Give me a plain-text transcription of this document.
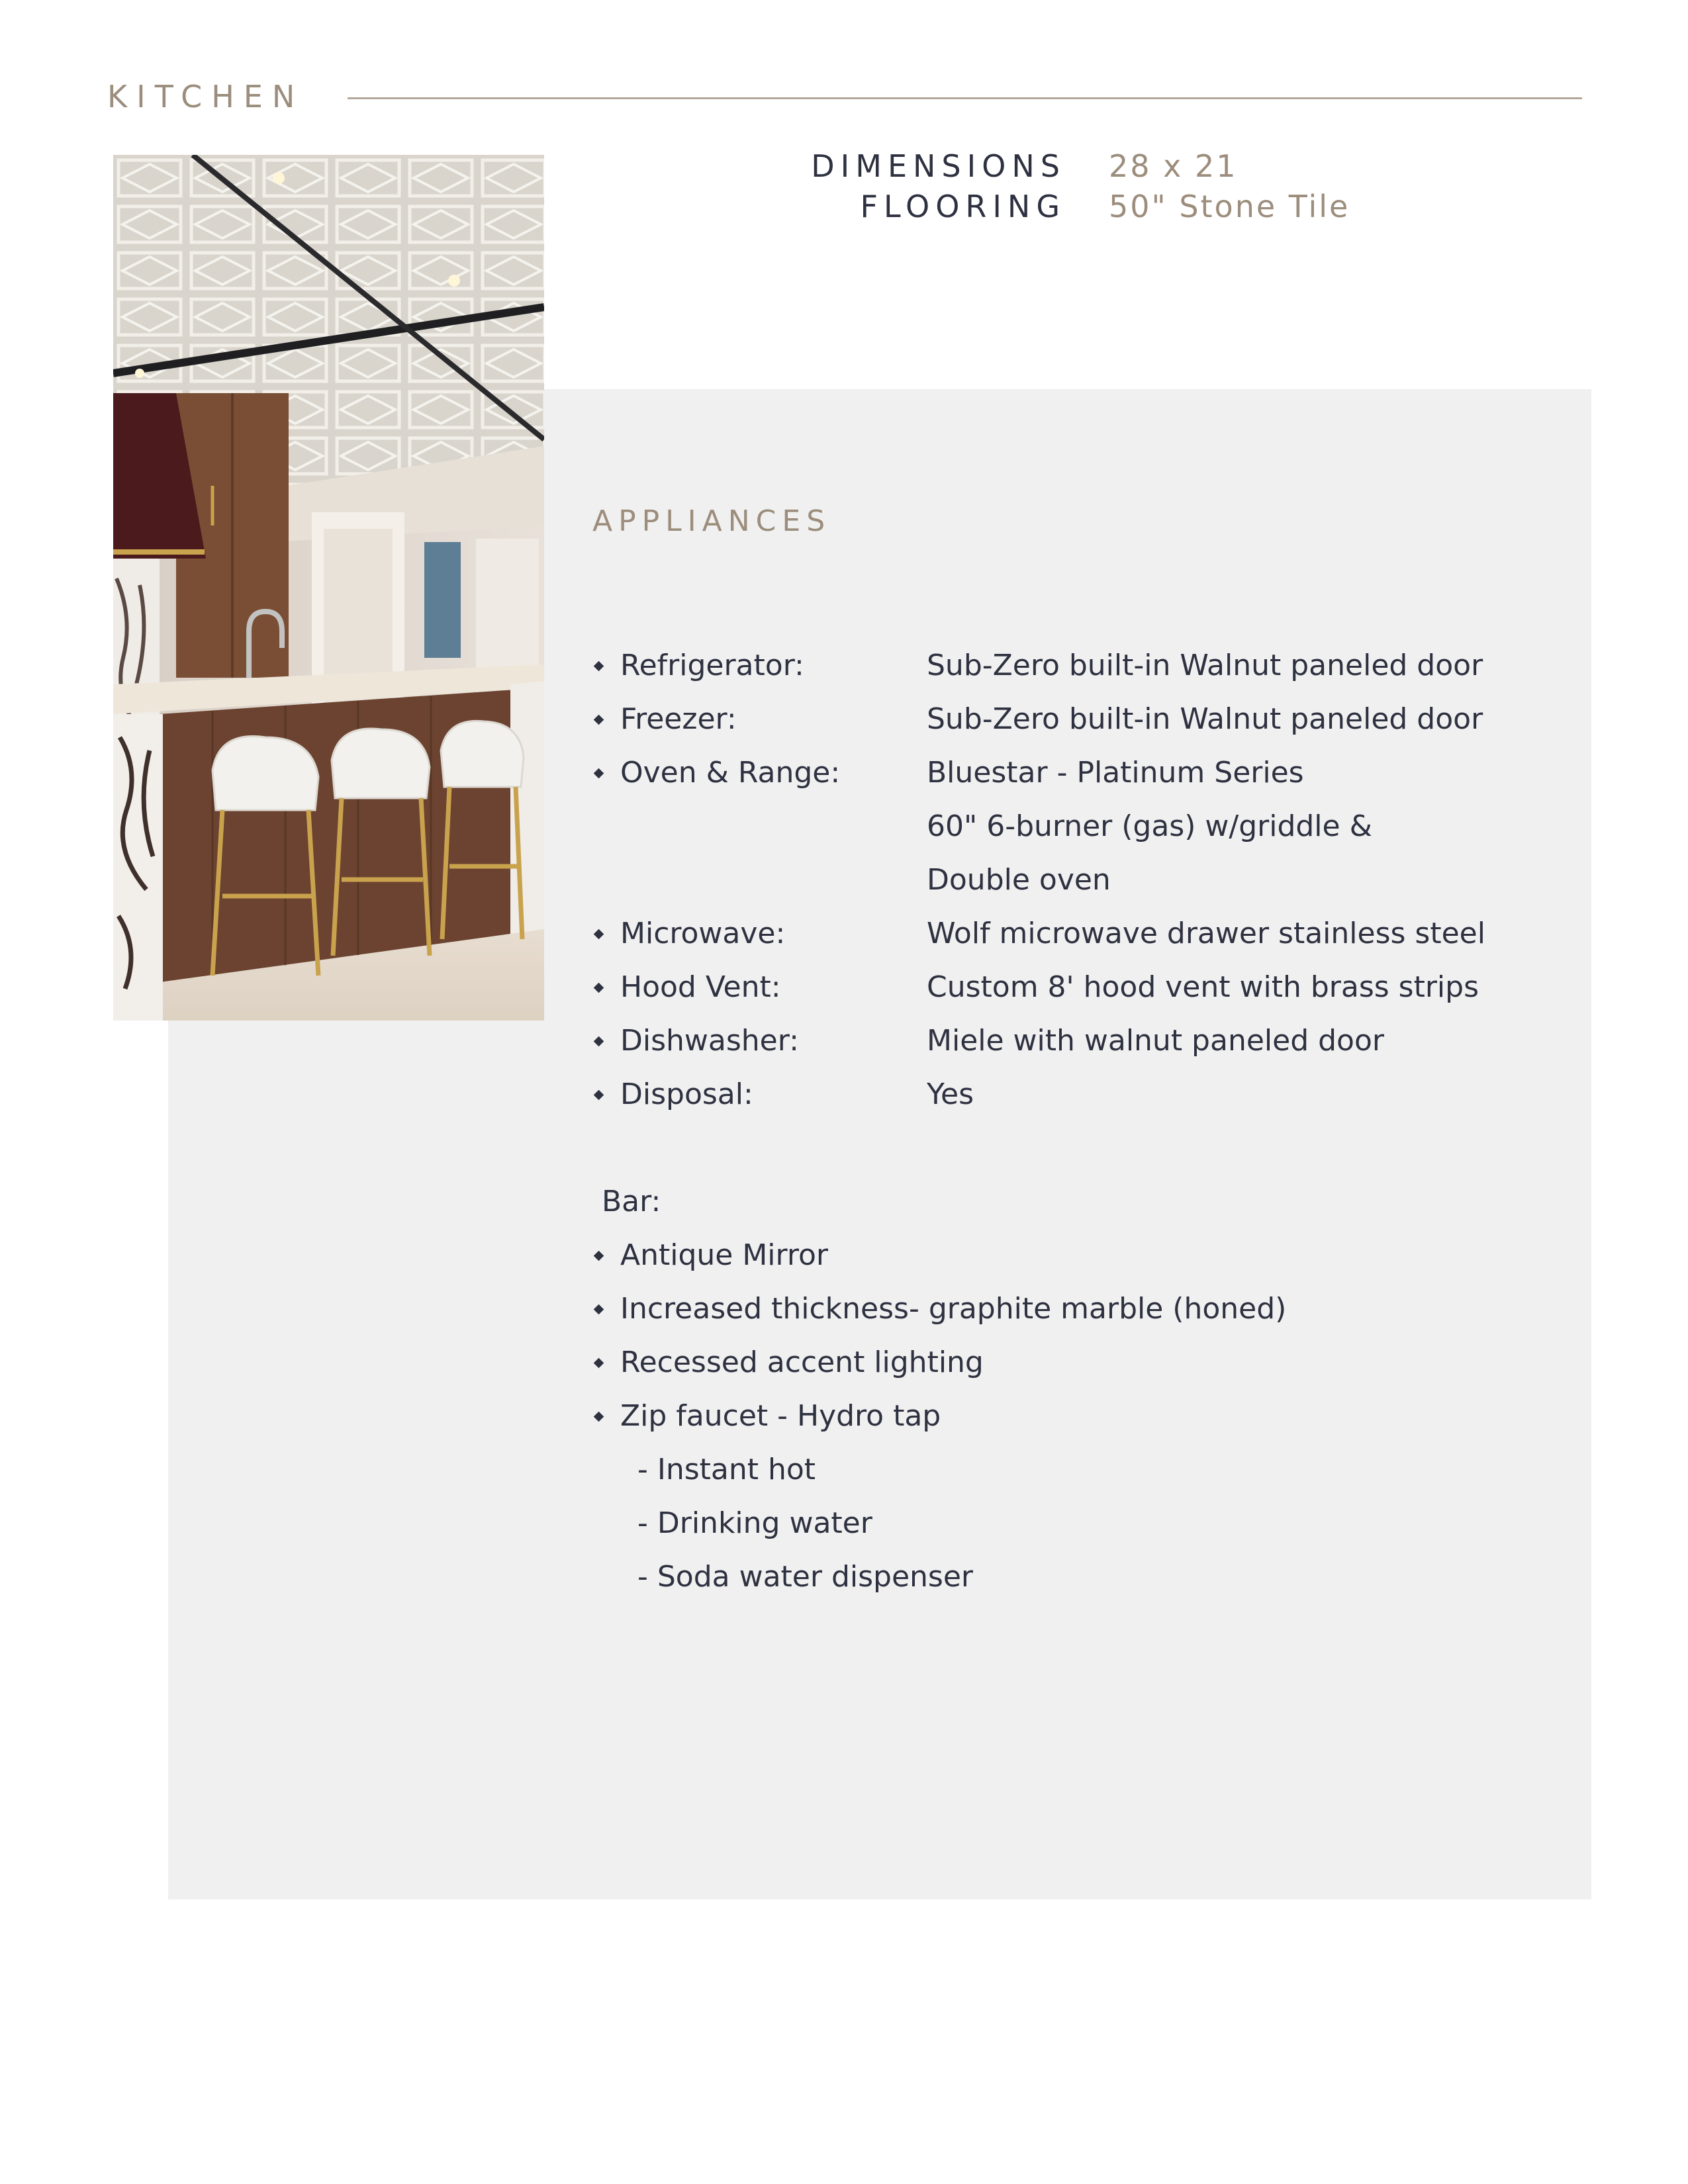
KITCHEN
DIMENSIONS 28 x 21
FLOORING 50" Stone Tile
APPLIANCES
Refrigerator:	Sub-Zero built-in Walnut paneled door
Freezer:	Sub-Zero built-in Walnut paneled door
Oven & Range:	Bluestar - Platinum Series
60" 6-burner (gas) w/griddle &
Double oven
Microwave:	Wolf microwave drawer stainless steel
Hood Vent:	Custom 8' hood vent with brass strips
Dishwasher:	Miele with walnut paneled door
Disposal:	Yes
Bar:
Antique Mirror
Increased thickness- graphite marble (honed)
Recessed accent lighting
Zip faucet - Hydro tap
- Instant hot
- Drinking water
- Soda water dispenser
